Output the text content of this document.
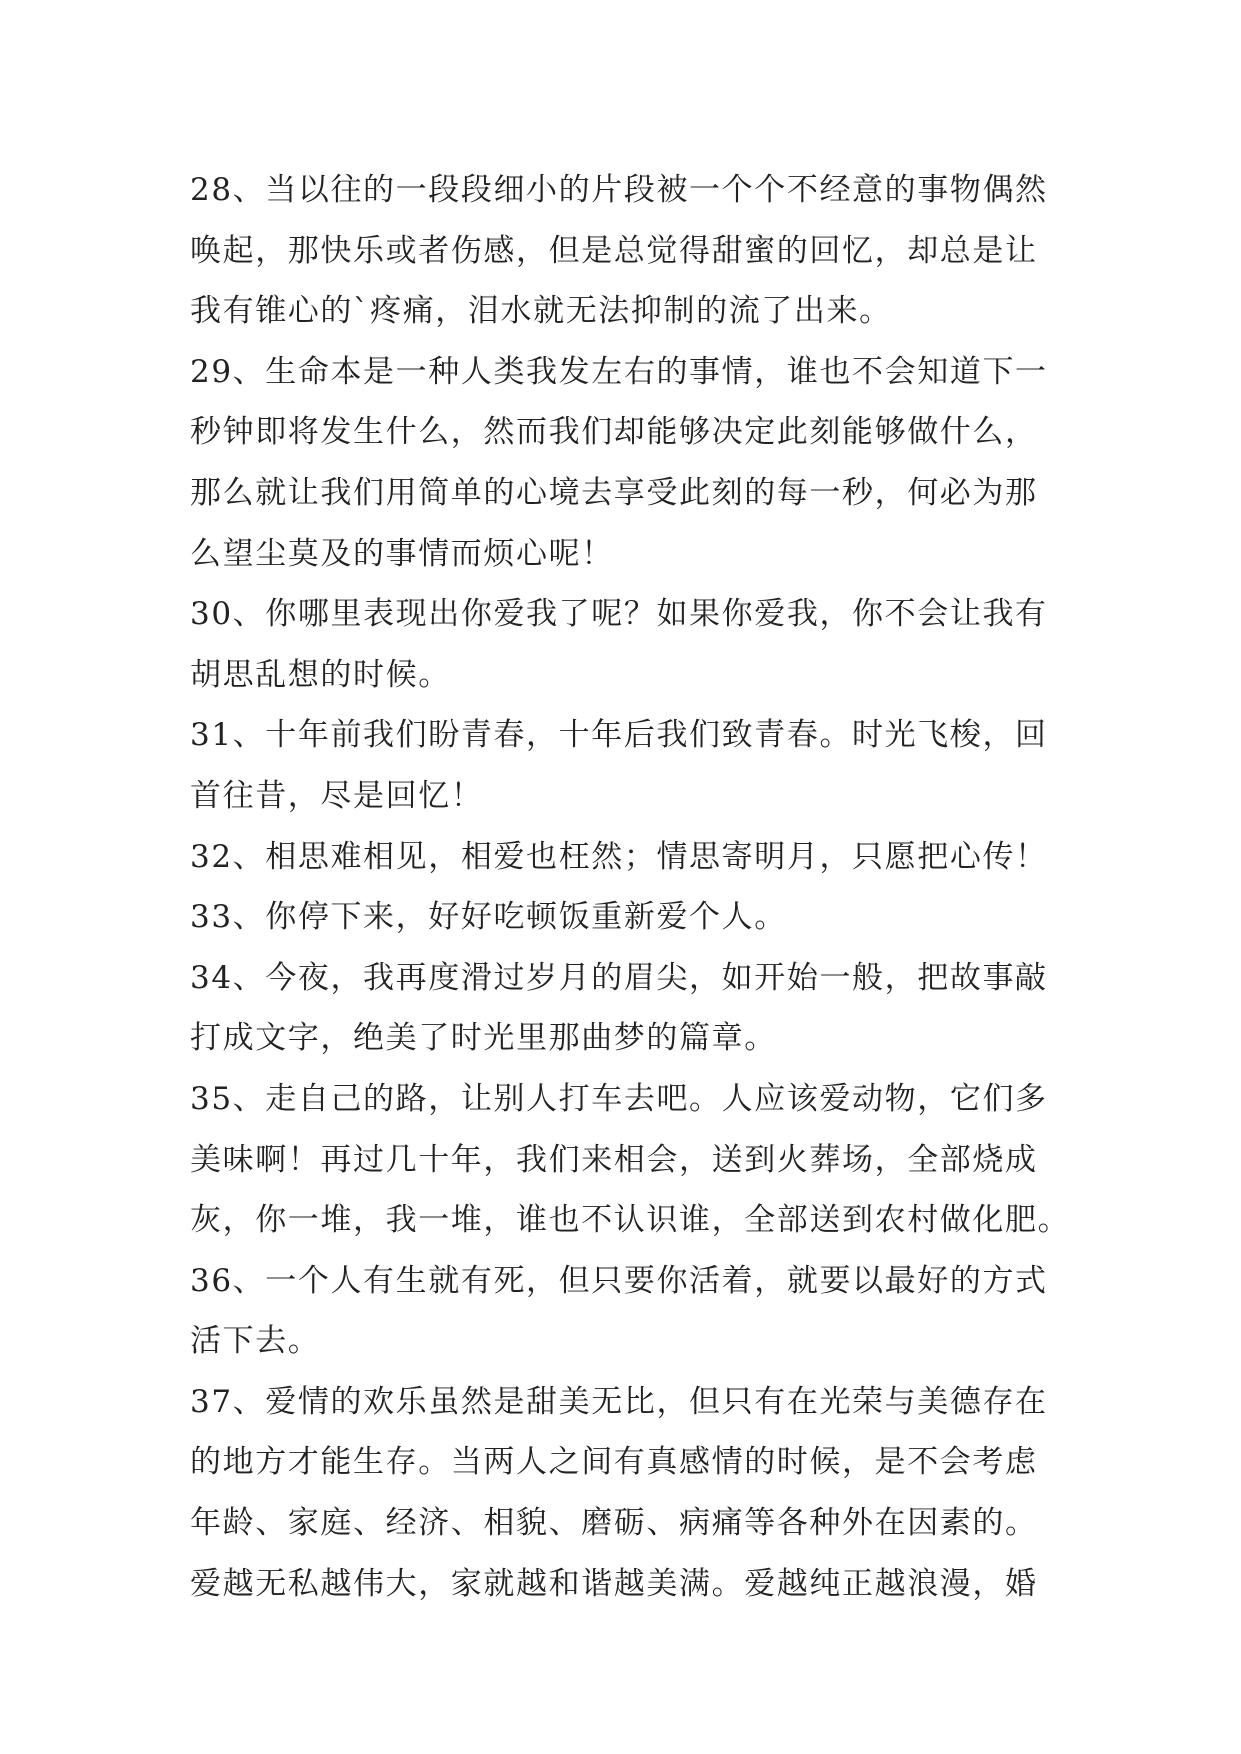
28、当以往的一段段细小的片段被一个个不经意的事物偶然

唤起，那快乐或者伤感，但是总觉得甜蜜的回忆，却总是让

我有锥心的`疼痛，泪水就无法抑制的流了出来。

29、生命本是一种人类我发左右的事情，谁也不会知道下一

秒钟即将发生什么，然而我们却能够决定此刻能够做什么，

那么就让我们用简单的心境去享受此刻的每一秒，何必为那

么望尘莫及的事情而烦心呢！

30、你哪里表现出你爱我了呢？如果你爱我，你不会让我有

胡思乱想的时候。

31、十年前我们盼青春，十年后我们致青春。时光飞梭，回

首往昔，尽是回忆！

32、相思难相见，相爱也枉然；情思寄明月，只愿把心传！

33、你停下来，好好吃顿饭重新爱个人。

34、今夜，我再度滑过岁月的眉尖，如开始一般，把故事敲

打成文字，绝美了时光里那曲梦的篇章。

35、走自己的路，让别人打车去吧。人应该爱动物，它们多

美味啊！再过几十年，我们来相会，送到火葬场，全部烧成

灰，你一堆，我一堆，谁也不认识谁，全部送到农村做化肥。

36、一个人有生就有死，但只要你活着，就要以最好的方式

活下去。

37、爱情的欢乐虽然是甜美无比，但只有在光荣与美德存在

的地方才能生存。当两人之间有真感情的时候，是不会考虑

年龄、家庭、经济、相貌、磨砺、病痛等各种外在因素的。

爱越无私越伟大，家就越和谐越美满。爱越纯正越浪漫，婚
